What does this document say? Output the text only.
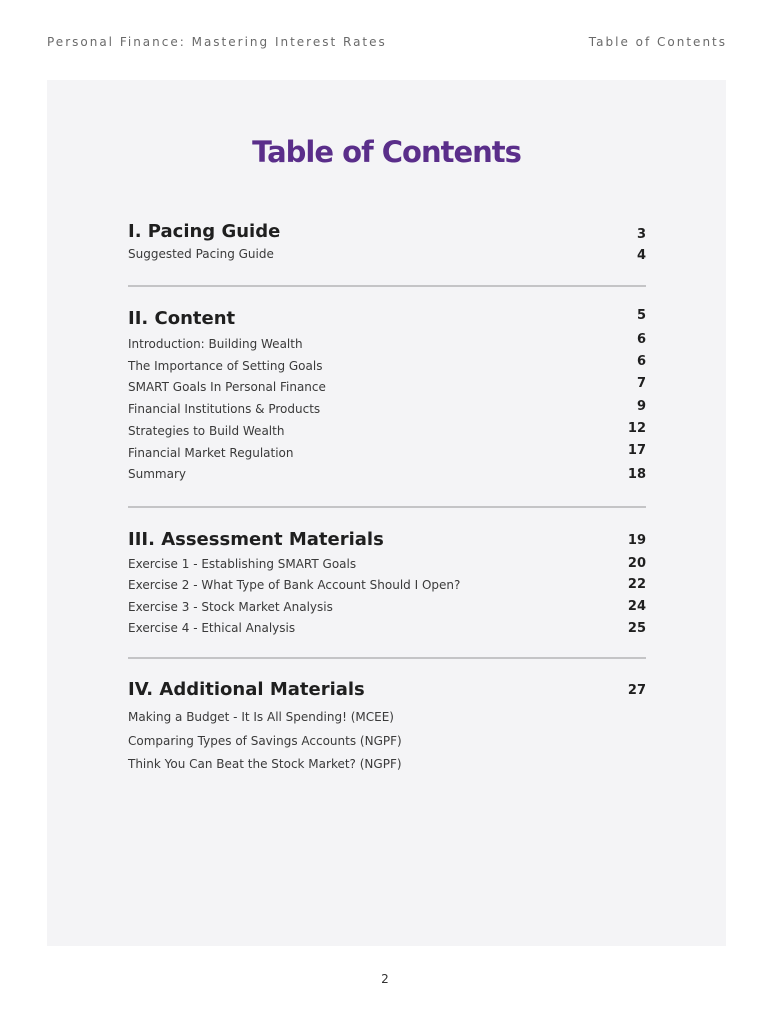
Personal Finance: Mastering Interest Rates	Table of Contents
Table of Contents
I. Pacing Guide	3
Suggested Pacing Guide	4
II. Content	5
Introduction: Building Wealth	6
The Importance of Setting Goals	6
SMART Goals In Personal Finance	7
Financial Institutions & Products	9
Strategies to Build Wealth	12
Financial Market Regulation	17
Summary	18
III. Assessment Materials	19
Exercise 1 - Establishing SMART Goals	20
Exercise 2 - What Type of Bank Account Should I Open?	22
Exercise 3 - Stock Market Analysis	24
Exercise 4 - Ethical Analysis	25
IV. Additional Materials	27
Making a Budget - It Is All Spending! (MCEE)
Comparing Types of Savings Accounts (NGPF)
Think You Can Beat the Stock Market? (NGPF)
2
